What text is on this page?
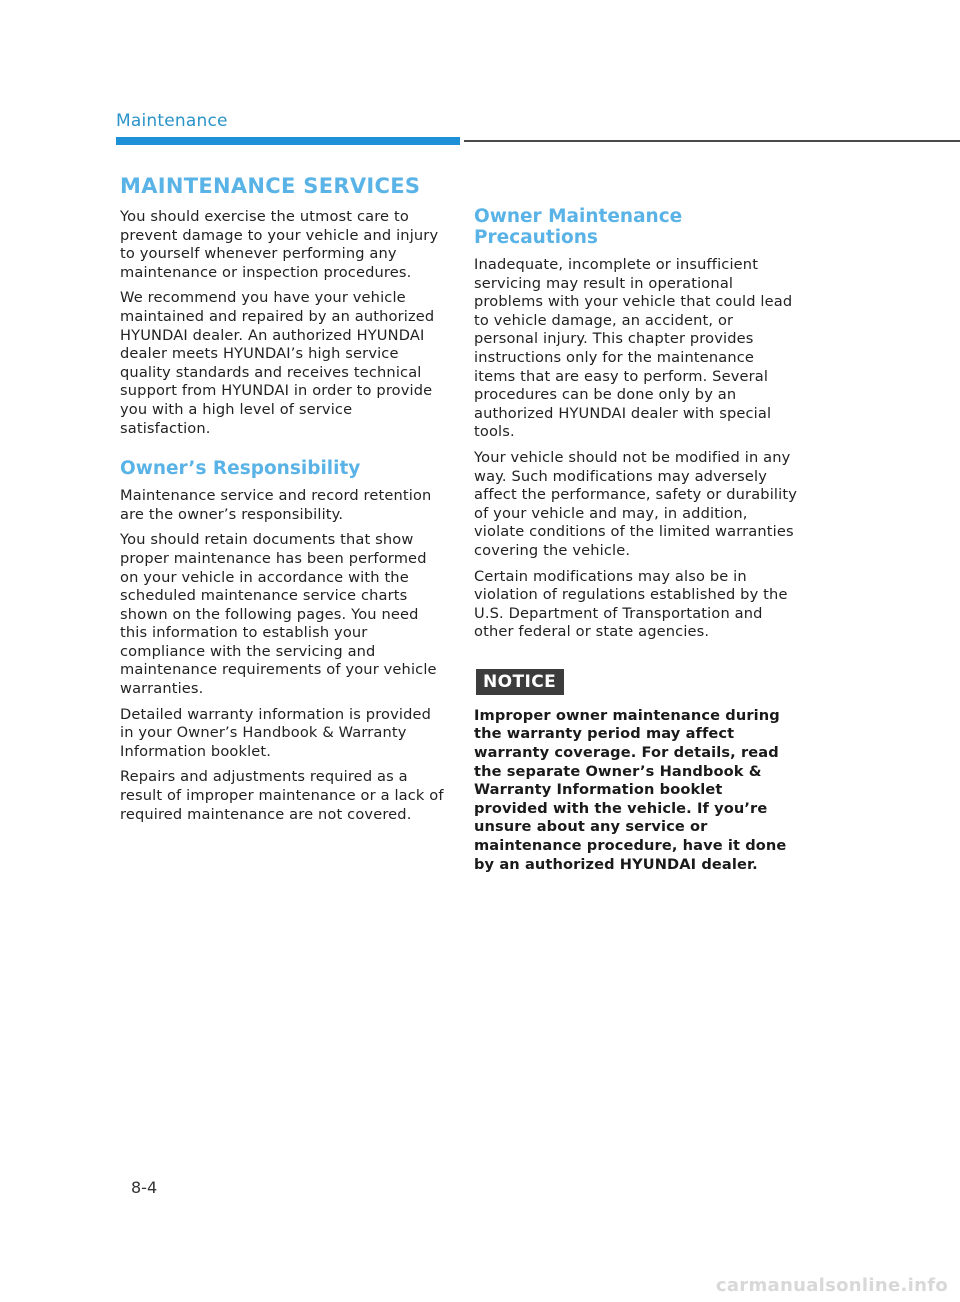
Maintenance
MAINTENANCE SERVICES

You should exercise the utmost care to prevent damage to your vehicle and injury to yourself whenever performing any maintenance or inspection procedures.

We recommend you have your vehicle maintained and repaired by an authorized HYUNDAI dealer. An authorized HYUNDAI dealer meets HYUNDAI’s high service quality standards and receives technical support from HYUNDAI in order to provide you with a high level of service satisfaction.

Owner’s Responsibility

Maintenance service and record retention are the owner’s responsibility.

You should retain documents that show proper maintenance has been performed on your vehicle in accordance with the scheduled maintenance service charts shown on the following pages. You need this information to establish your compliance with the servicing and maintenance requirements of your vehicle warranties.

Detailed warranty information is provided in your Owner’s Handbook & Warranty Information booklet.

Repairs and adjustments required as a result of improper maintenance or a lack of required maintenance are not covered.

Owner Maintenance Precautions

Inadequate, incomplete or insufficient servicing may result in operational problems with your vehicle that could lead to vehicle damage, an accident, or personal injury. This chapter provides instructions only for the maintenance items that are easy to perform. Several procedures can be done only by an authorized HYUNDAI dealer with special tools.

Your vehicle should not be modified in any way. Such modifications may adversely affect the performance, safety or durability of your vehicle and may, in addition, violate conditions of the limited warranties covering the vehicle.

Certain modifications may also be in violation of regulations established by the U.S. Department of Transportation and other federal or state agencies.

NOTICE

Improper owner maintenance during the warranty period may affect warranty coverage. For details, read the separate Owner’s Handbook & Warranty Information booklet provided with the vehicle. If you’re unsure about any service or maintenance procedure, have it done by an authorized HYUNDAI dealer.

8-4
carmanualsonline.info
